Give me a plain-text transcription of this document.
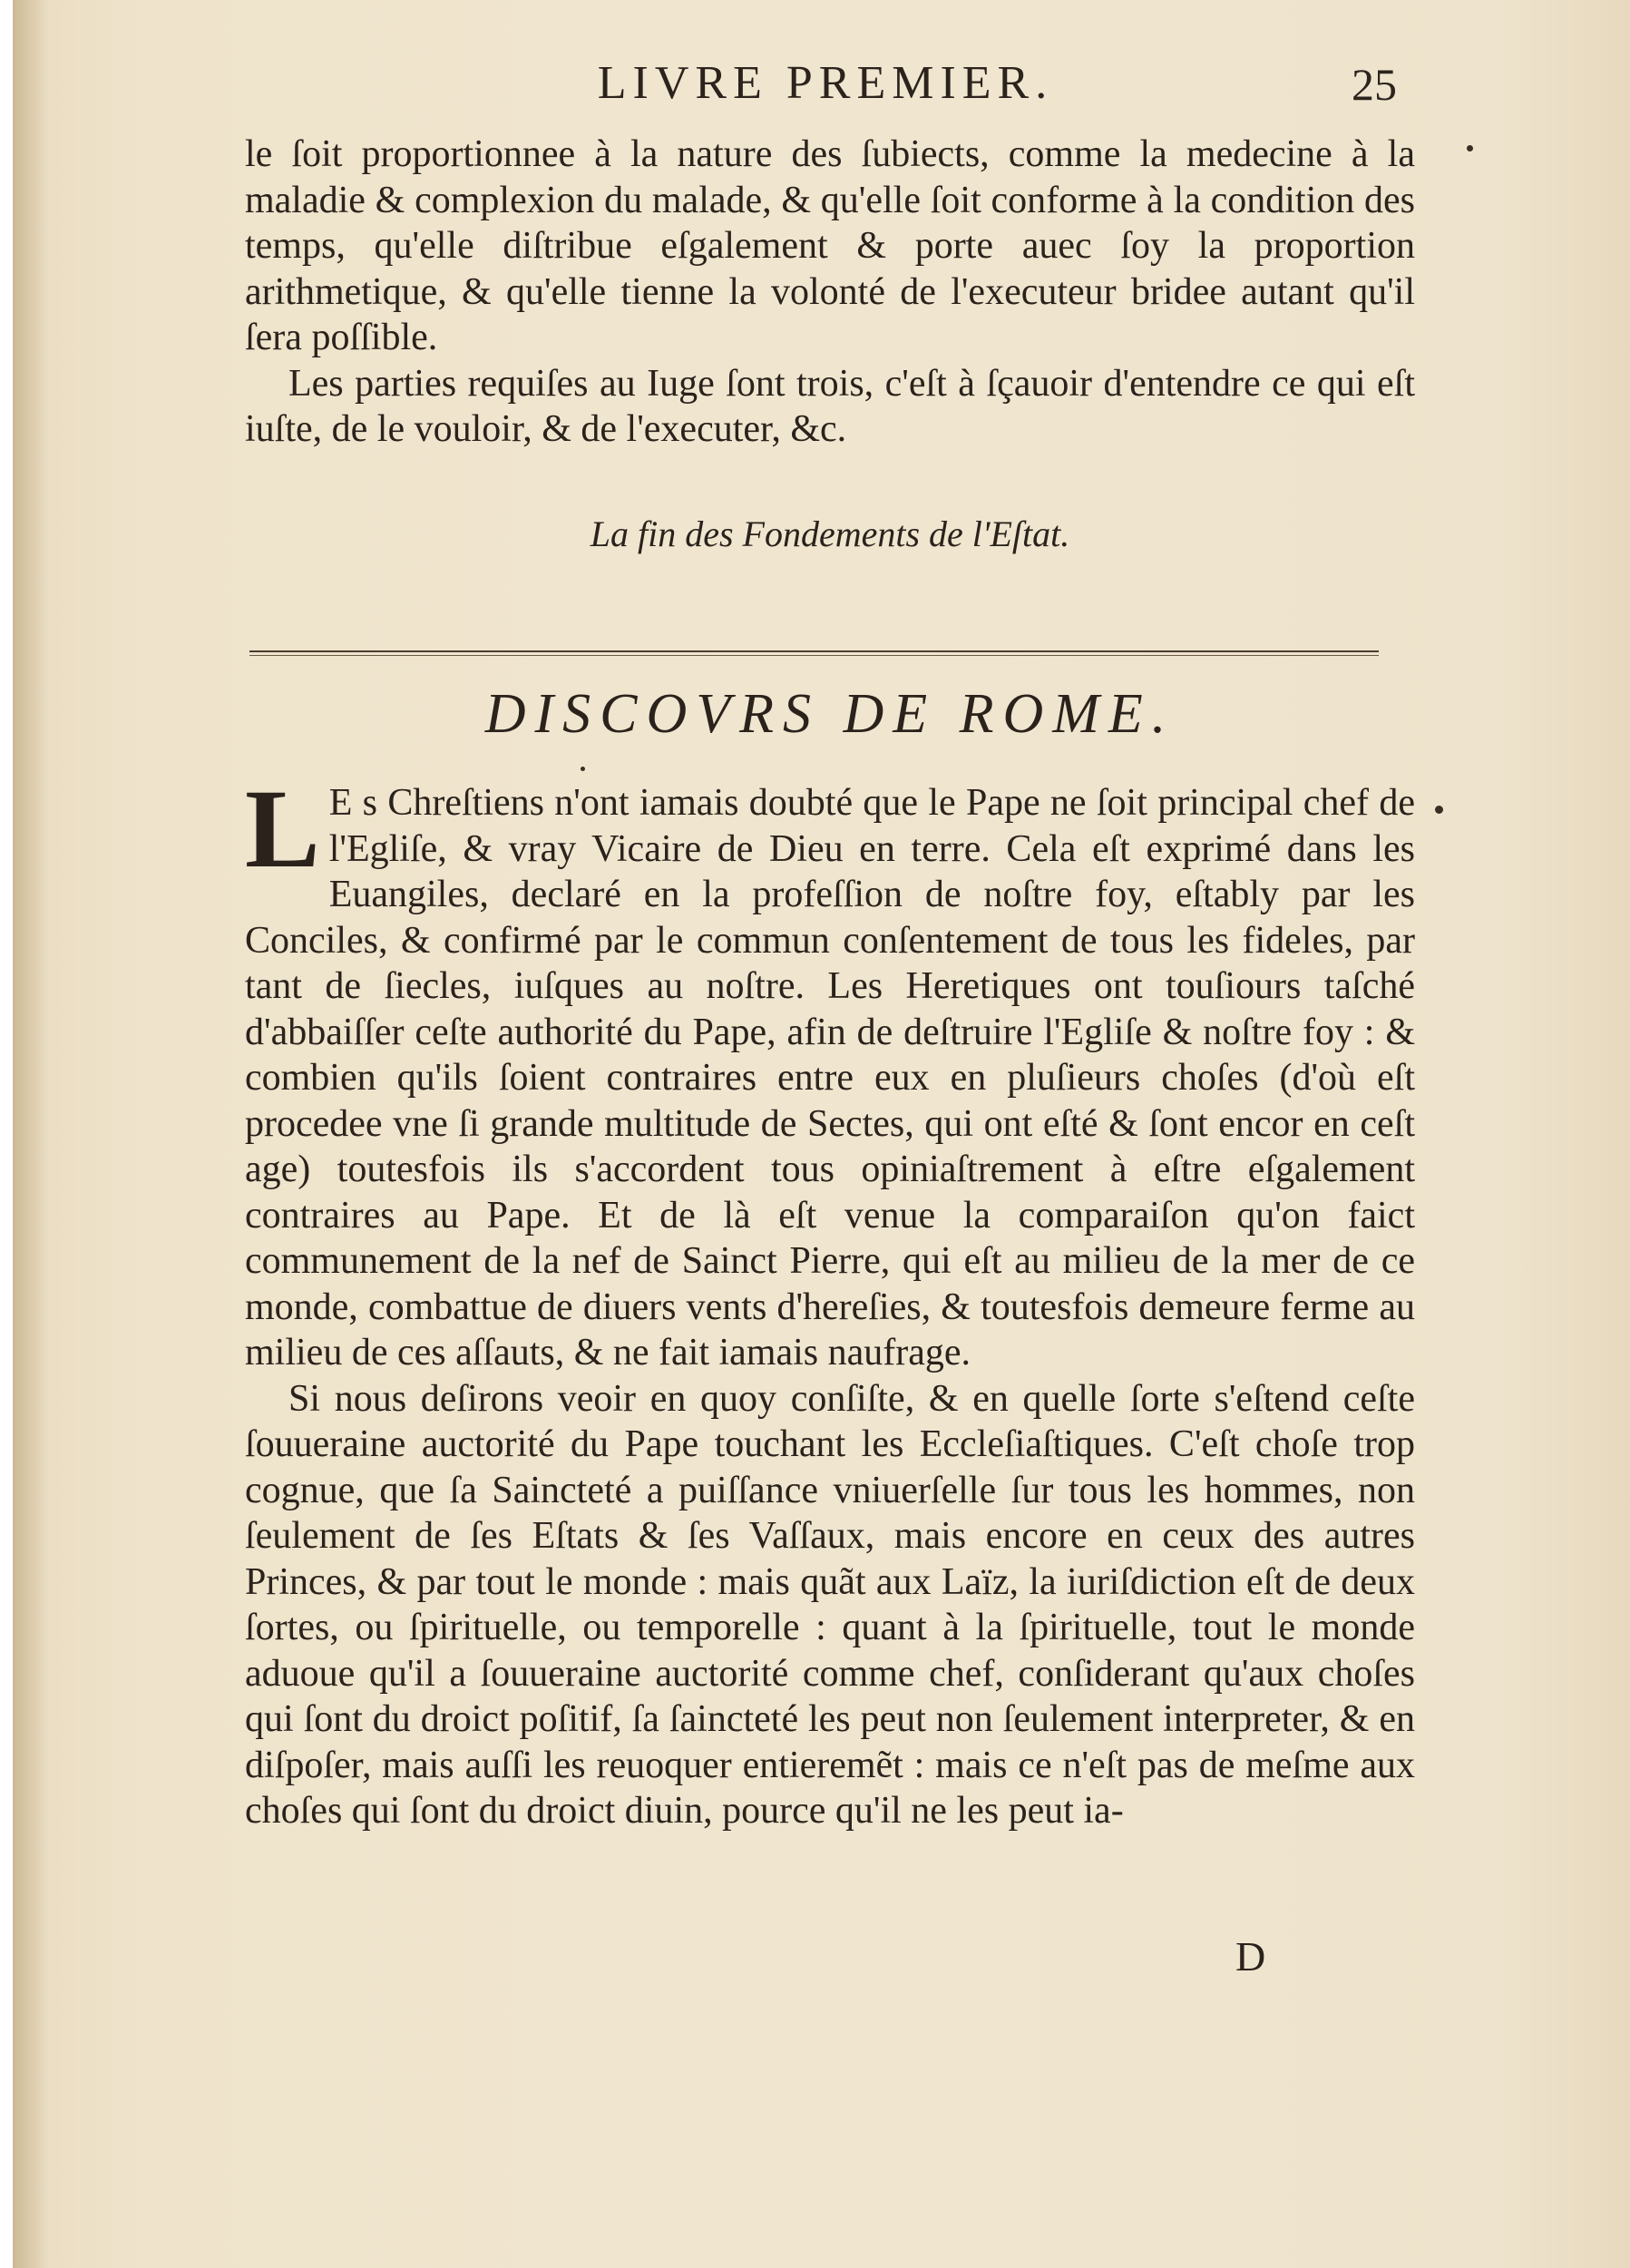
LIVRE PREMIER.	25

le ſoit proportionnee à la nature des ſubiects, comme la medecine à la maladie & complexion du malade, & qu'elle ſoit conforme à la condition des temps, qu'elle diſtribue eſgalement & porte auec ſoy la proportion arithmetique, & qu'elle tienne la volonté de l'executeur bridee autant qu'il ſera poſſible.

Les parties requiſes au Iuge ſont trois, c'eſt à ſçauoir d'entendre ce qui eſt iuſte, de le vouloir, & de l'executer, &c.

La fin des Fondements de l'Eſtat.
DISCOVRS DE ROME.

L E s Chreſtiens n'ont iamais doubté que le Pape ne ſoit principal chef de l'Egliſe, & vray Vicaire de Dieu en terre. Cela eſt exprimé dans les Euangiles, declaré en la profeſſion de noſtre foy, eſtably par les Conciles, & confirmé par le commun conſentement de tous les fideles, par tant de ſiecles, iuſques au noſtre. Les Heretiques ont touſiours taſché d'abbaiſſer ceſte authorité du Pape, afin de deſtruire l'Egliſe & noſtre foy : & combien qu'ils ſoient contraires entre eux en pluſieurs choſes (d'où eſt procedee vne ſi grande multitude de Sectes, qui ont eſté & ſont encor en ceſt age) toutesfois ils s'accordent tous opiniaſtrement à eſtre eſgalement contraires au Pape. Et de là eſt venue la comparaiſon qu'on faict communement de la nef de Sainct Pierre, qui eſt au milieu de la mer de ce monde, combattue de diuers vents d'hereſies, & toutesfois demeure ferme au milieu de ces aſſauts, & ne fait iamais naufrage.

Si nous deſirons veoir en quoy conſiſte, & en quelle ſorte s'eſtend ceſte ſouueraine auctorité du Pape touchant les Eccleſiaſtiques. C'eſt choſe trop cognue, que ſa Saincteté a puiſſance vniuerſelle ſur tous les hommes, non ſeulement de ſes Eſtats & ſes Vaſſaux, mais encore en ceux des autres Princes, & par tout le monde : mais quãt aux Laïz, la iuriſdiction eſt de deux ſortes, ou ſpirituelle, ou temporelle : quant à la ſpirituelle, tout le monde aduoue qu'il a ſouueraine auctorité comme chef, conſiderant qu'aux choſes qui ſont du droict poſitif, ſa ſaincteté les peut non ſeulement interpreter, & en diſpoſer, mais auſſi les reuoquer entieremẽt : mais ce n'eſt pas de meſme aux choſes qui ſont du droict diuin, pource qu'il ne les peut ia-

D
